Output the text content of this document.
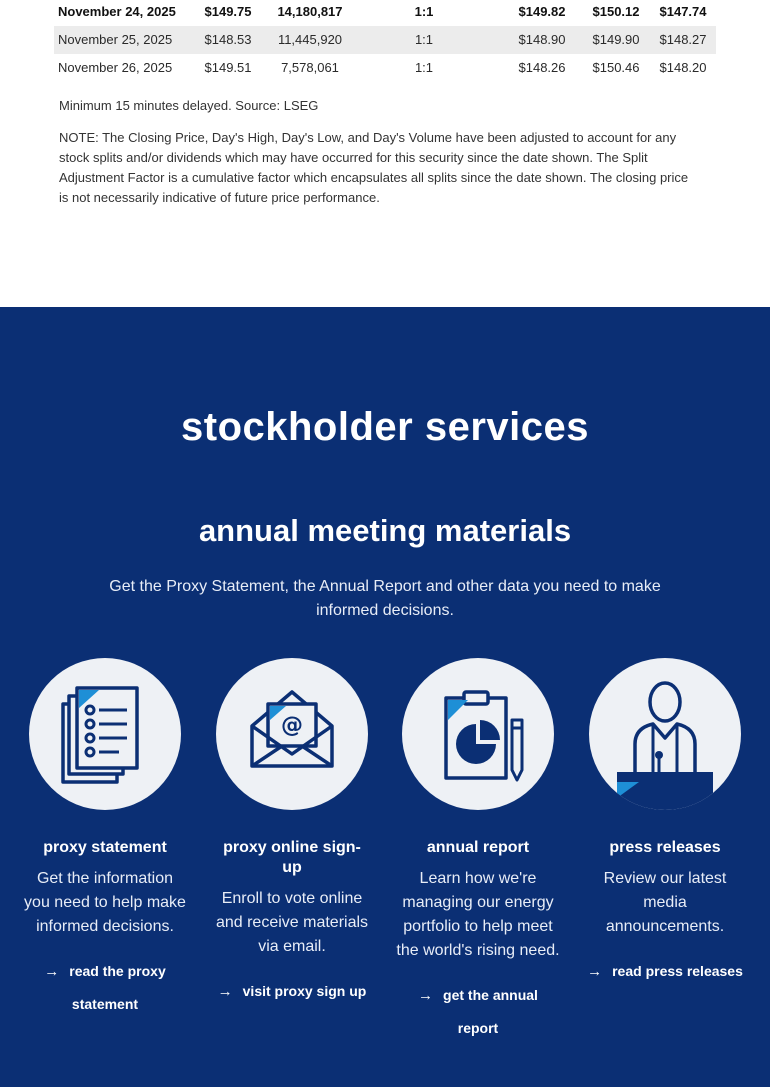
November 24, 2025 $149.75 14,180,817	1:1	$149.82	$150.12	$147.74
November 25, 2025 $148.53	11,445,920	1:1	$148.90	$149.90	$148.27
November 26, 2025 $149.51	7,578,061	1:1	$148.26	$150.46	$148.20

Minimum 15 minutes delayed. Source: LSEG

NOTE: The Closing Price, Day's High, Day's Low, and Day's Volume have been adjusted to account for any stock splits and/or dividends which may have occurred for this security since the date shown. The Split Adjustment Factor is a cumulative factor which encapsulates all splits since the date shown. The closing price is not necessarily indicative of future price performance.

stockholder services
annual meeting materials

Get the Proxy Statement, the Annual Report and other data you need to make informed decisions.

proxy statement
Get the information you need to help make informed decisions.
→ read the proxy statement
@
proxy online sign-up
Enroll to vote online and receive materials via email.
→ visit proxy sign up
annual report
Learn how we're managing our energy portfolio to help meet the world's rising need.
→ get the annual report
press releases
Review our latest media announcements.
→ read press releases
